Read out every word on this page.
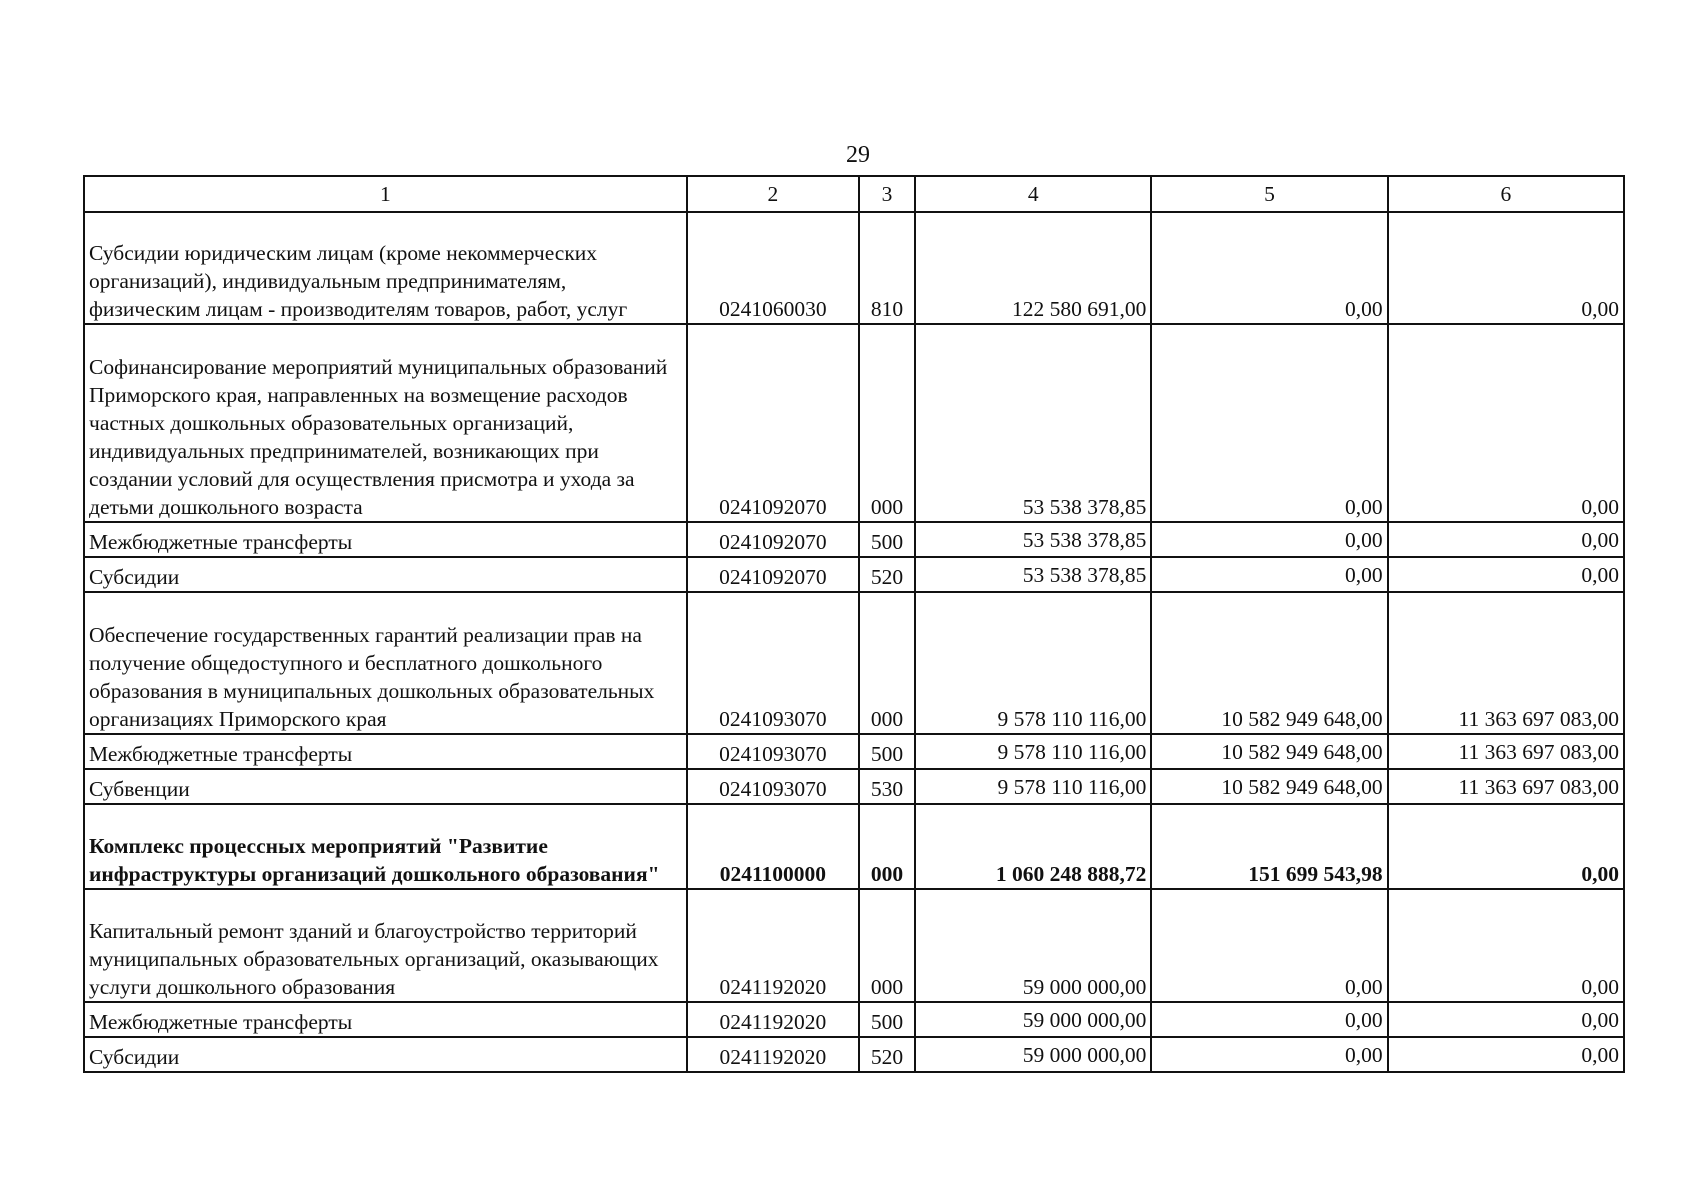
29
1	2	3	4	5	6
Субсидии юридическим лицам (кроме некоммерческих организаций), индивидуальным предпринимателям, физическим лицам - производителям товаров, работ, услуг	0241060030	810	122 580 691,00	0,00	0,00
Софинансирование мероприятий муниципальных образований Приморского края, направленных на возмещение расходов частных дошкольных образовательных организаций, индивидуальных предпринимателей, возникающих при создании условий для осуществления присмотра и ухода за детьми дошкольного возраста	0241092070	000	53 538 378,85	0,00	0,00
Межбюджетные трансферты	0241092070	500	53 538 378,85	0,00	0,00
Субсидии	0241092070	520	53 538 378,85	0,00	0,00
Обеспечение государственных гарантий реализации прав на получение общедоступного и бесплатного дошкольного образования в муниципальных дошкольных образовательных организациях Приморского края	0241093070	000	9 578 110 116,00	10 582 949 648,00	11 363 697 083,00
Межбюджетные трансферты	0241093070	500	9 578 110 116,00	10 582 949 648,00	11 363 697 083,00
Субвенции	0241093070	530	9 578 110 116,00	10 582 949 648,00	11 363 697 083,00
Комплекс процессных мероприятий "Развитие инфраструктуры организаций дошкольного образования"	0241100000	000	1 060 248 888,72	151 699 543,98	0,00
Капитальный ремонт зданий и благоустройство территорий муниципальных образовательных организаций, оказывающих услуги дошкольного образования	0241192020	000	59 000 000,00	0,00	0,00
Межбюджетные трансферты	0241192020	500	59 000 000,00	0,00	0,00
Субсидии	0241192020	520	59 000 000,00	0,00	0,00
